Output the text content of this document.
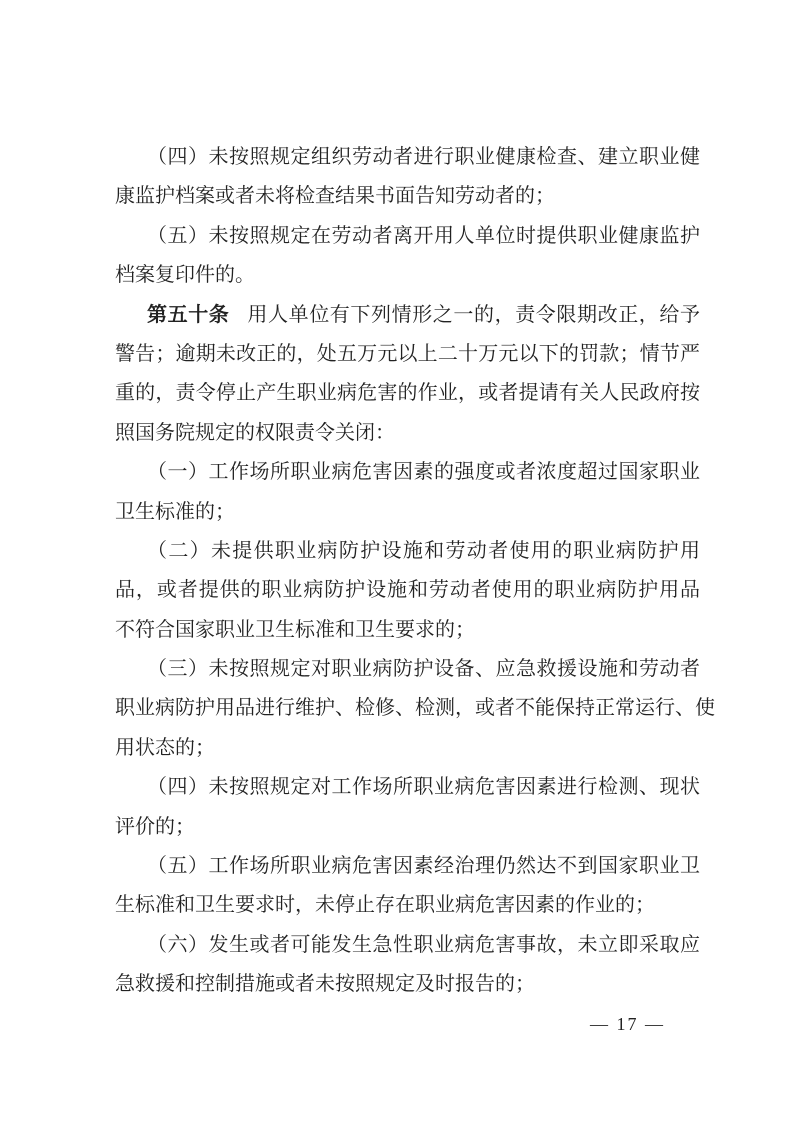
（四）未按照规定组织劳动者进行职业健康检查、建立职业健
康监护档案或者未将检查结果书面告知劳动者的；
（五）未按照规定在劳动者离开用人单位时提供职业健康监护
档案复印件的。
第五十条 用人单位有下列情形之一的，责令限期改正，给予
警告；逾期未改正的，处五万元以上二十万元以下的罚款；情节严
重的，责令停止产生职业病危害的作业，或者提请有关人民政府按
照国务院规定的权限责令关闭：
（一）工作场所职业病危害因素的强度或者浓度超过国家职业
卫生标准的；
（二）未提供职业病防护设施和劳动者使用的职业病防护用
品，或者提供的职业病防护设施和劳动者使用的职业病防护用品
不符合国家职业卫生标准和卫生要求的；
（三）未按照规定对职业病防护设备、应急救援设施和劳动者
职业病防护用品进行维护、检修、检测，或者不能保持正常运行、使
用状态的；
（四）未按照规定对工作场所职业病危害因素进行检测、现状
评价的；
（五）工作场所职业病危害因素经治理仍然达不到国家职业卫
生标准和卫生要求时，未停止存在职业病危害因素的作业的；
（六）发生或者可能发生急性职业病危害事故，未立即采取应
急救援和控制措施或者未按照规定及时报告的；
— 17 —
